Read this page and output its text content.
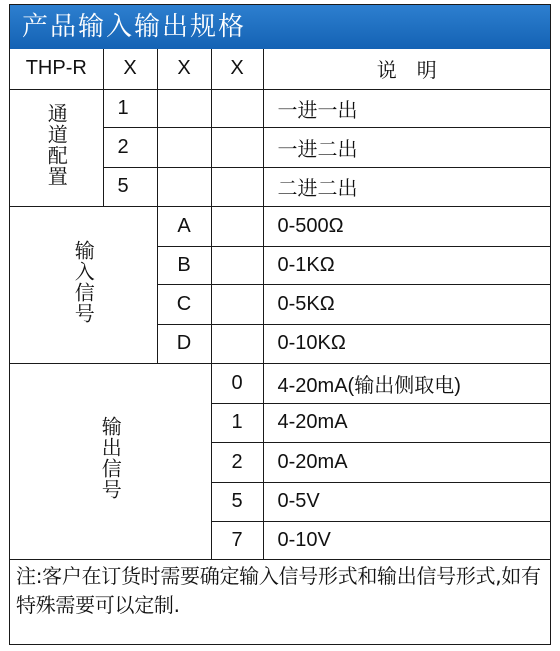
产品输入输出规格
THP-R	X	X	X	说　明
通道配置	1			一进一出
	2			一进二出
	5			二进二出
输入信号		A		0-500Ω
		B		0-1KΩ
		C		0-5KΩ
		D		0-10KΩ
输出信号			0	4-20mA(输出侧取电)
			1	4-20mA
			2	0-20mA
			5	0-5V
			7	0-10V
注:客户在订货时需要确定输入信号形式和输出信号形式,如有特殊需要可以定制.				
